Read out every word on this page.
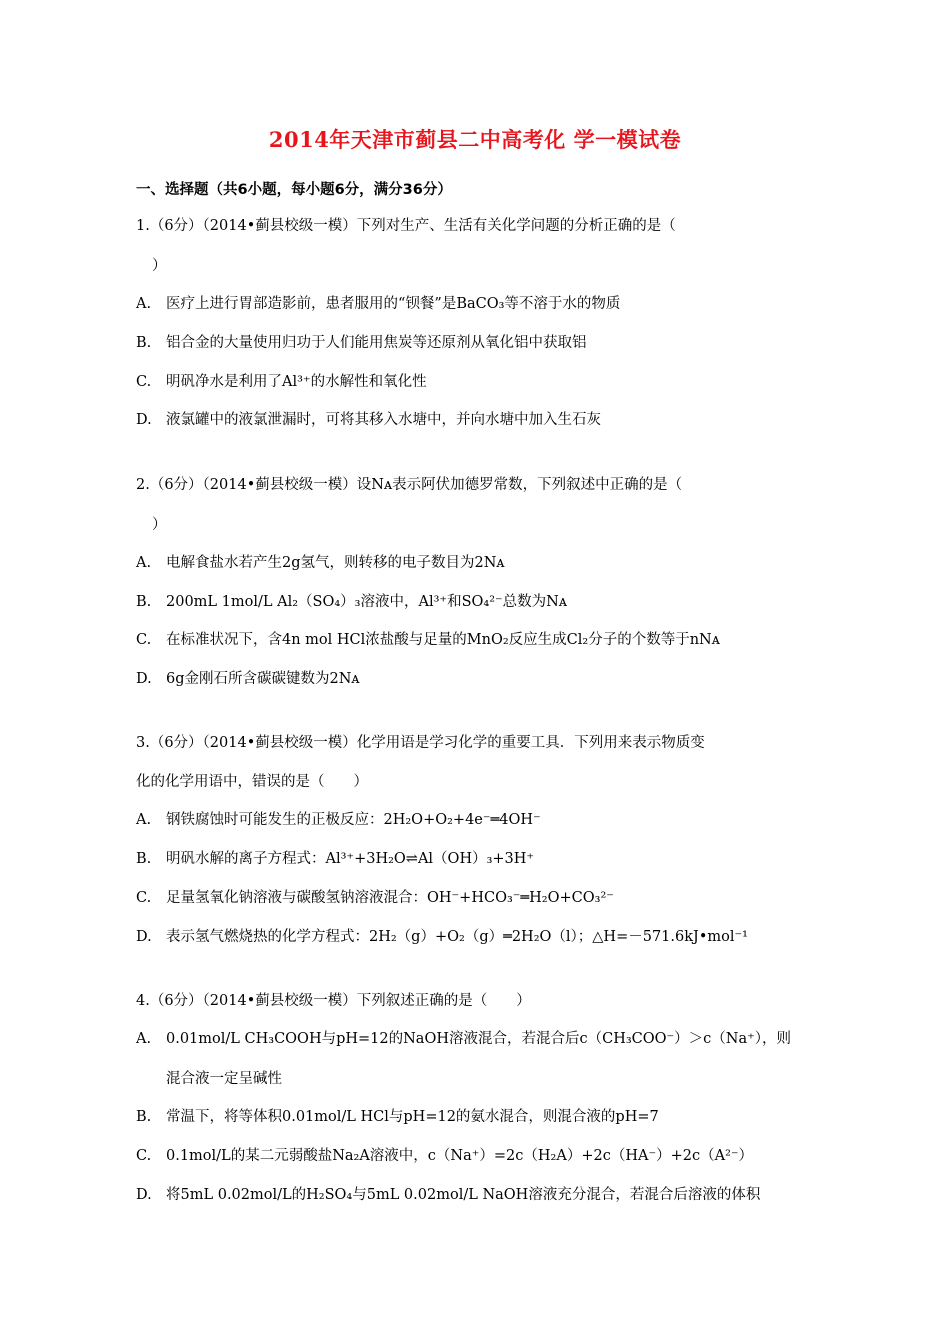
2014年天津市蓟县二中高考化 学一模试卷
一、选择题（共6小题，每小题6分，满分36分）
1.（6分）（2014•蓟县校级一模）下列对生产、生活有关化学问题的分析正确的是（
）
A. 医疗上进行胃部造影前，患者服用的“钡餐”是BaCO₃等不溶于水的物质
B. 铝合金的大量使用归功于人们能用焦炭等还原剂从氧化铝中获取铝
C. 明矾净水是利用了Al³⁺的水解性和氧化性
D. 液氯罐中的液氯泄漏时，可将其移入水塘中，并向水塘中加入生石灰
2.（6分）（2014•蓟县校级一模）设Nᴀ表示阿伏加德罗常数，下列叙述中正确的是（
）
A. 电解食盐水若产生2g氢气，则转移的电子数目为2Nᴀ
B. 200mL 1mol/L Al₂（SO₄）₃溶液中，Al³⁺和SO₄²⁻总数为Nᴀ
C. 在标准状况下，含4n mol HCl浓盐酸与足量的MnO₂反应生成Cl₂分子的个数等于nNᴀ
D. 6g金刚石所含碳碳键数为2Nᴀ
3.（6分）（2014•蓟县校级一模）化学用语是学习化学的重要工具．下列用来表示物质变
化的化学用语中，错误的是（　　）
A. 钢铁腐蚀时可能发生的正极反应：2H₂O+O₂+4e⁻═4OH⁻
B. 明矾水解的离子方程式：Al³⁺+3H₂O⇌Al（OH）₃+3H⁺
C. 足量氢氧化钠溶液与碳酸氢钠溶液混合：OH⁻+HCO₃⁻═H₂O+CO₃²⁻
D. 表示氢气燃烧热的化学方程式：2H₂（g）+O₂（g）═2H₂O（l）；△H=－571.6kJ•mol⁻¹
4.（6分）（2014•蓟县校级一模）下列叙述正确的是（　　）
A. 0.01mol/L CH₃COOH与pH=12的NaOH溶液混合，若混合后c（CH₃COO⁻）＞c（Na⁺），则
混合液一定呈碱性
B. 常温下，将等体积0.01mol/L HCl与pH=12的氨水混合，则混合液的pH=7
C. 0.1mol/L的某二元弱酸盐Na₂A溶液中，c（Na⁺）=2c（H₂A）+2c（HA⁻）+2c（A²⁻）
D. 将5mL 0.02mol/L的H₂SO₄与5mL 0.02mol/L NaOH溶液充分混合，若混合后溶液的体积
